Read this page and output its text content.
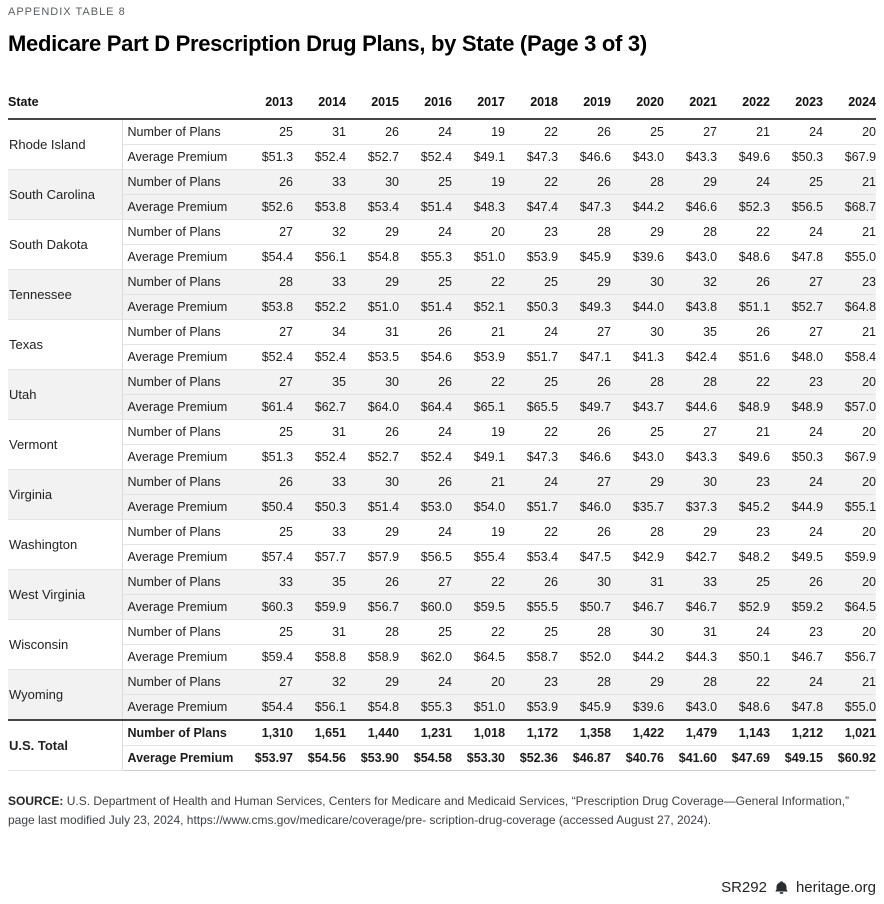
APPENDIX TABLE 8
Medicare Part D Prescription Drug Plans, by State (Page 3 of 3)
State		2013	2014	2015	2016	2017	2018	2019	2020	2021	2022	2023	2024
Rhode Island	Number of Plans	25	31	26	24	19	22	26	25	27	21	24	20
	Average Premium	$51.3	$52.4	$52.7	$52.4	$49.1	$47.3	$46.6	$43.0	$43.3	$49.6	$50.3	$67.9
South Carolina	Number of Plans	26	33	30	25	19	22	26	28	29	24	25	21
	Average Premium	$52.6	$53.8	$53.4	$51.4	$48.3	$47.4	$47.3	$44.2	$46.6	$52.3	$56.5	$68.7
South Dakota	Number of Plans	27	32	29	24	20	23	28	29	28	22	24	21
	Average Premium	$54.4	$56.1	$54.8	$55.3	$51.0	$53.9	$45.9	$39.6	$43.0	$48.6	$47.8	$55.0
Tennessee	Number of Plans	28	33	29	25	22	25	29	30	32	26	27	23
	Average Premium	$53.8	$52.2	$51.0	$51.4	$52.1	$50.3	$49.3	$44.0	$43.8	$51.1	$52.7	$64.8
Texas	Number of Plans	27	34	31	26	21	24	27	30	35	26	27	21
	Average Premium	$52.4	$52.4	$53.5	$54.6	$53.9	$51.7	$47.1	$41.3	$42.4	$51.6	$48.0	$58.4
Utah	Number of Plans	27	35	30	26	22	25	26	28	28	22	23	20
	Average Premium	$61.4	$62.7	$64.0	$64.4	$65.1	$65.5	$49.7	$43.7	$44.6	$48.9	$48.9	$57.0
Vermont	Number of Plans	25	31	26	24	19	22	26	25	27	21	24	20
	Average Premium	$51.3	$52.4	$52.7	$52.4	$49.1	$47.3	$46.6	$43.0	$43.3	$49.6	$50.3	$67.9
Virginia	Number of Plans	26	33	30	26	21	24	27	29	30	23	24	20
	Average Premium	$50.4	$50.3	$51.4	$53.0	$54.0	$51.7	$46.0	$35.7	$37.3	$45.2	$44.9	$55.1
Washington	Number of Plans	25	33	29	24	19	22	26	28	29	23	24	20
	Average Premium	$57.4	$57.7	$57.9	$56.5	$55.4	$53.4	$47.5	$42.9	$42.7	$48.2	$49.5	$59.9
West Virginia	Number of Plans	33	35	26	27	22	26	30	31	33	25	26	20
	Average Premium	$60.3	$59.9	$56.7	$60.0	$59.5	$55.5	$50.7	$46.7	$46.7	$52.9	$59.2	$64.5
Wisconsin	Number of Plans	25	31	28	25	22	25	28	30	31	24	23	20
	Average Premium	$59.4	$58.8	$58.9	$62.0	$64.5	$58.7	$52.0	$44.2	$44.3	$50.1	$46.7	$56.7
Wyoming	Number of Plans	27	32	29	24	20	23	28	29	28	22	24	21
	Average Premium	$54.4	$56.1	$54.8	$55.3	$51.0	$53.9	$45.9	$39.6	$43.0	$48.6	$47.8	$55.0
U.S. Total	Number of Plans	1,310	1,651	1,440	1,231	1,018	1,172	1,358	1,422	1,479	1,143	1,212	1,021
	Average Premium	$53.97	$54.56	$53.90	$54.58	$53.30	$52.36	$46.87	$40.76	$41.60	$47.69	$49.15	$60.92

SOURCE: U.S. Department of Health and Human Services, Centers for Medicare and Medicaid Services, “Prescription Drug Coverage—General Information,” page last modified July 23, 2024, https://www.cms.gov/medicare/coverage/pre- scription-drug-coverage (accessed August 27, 2024).

SR292 heritage.org
